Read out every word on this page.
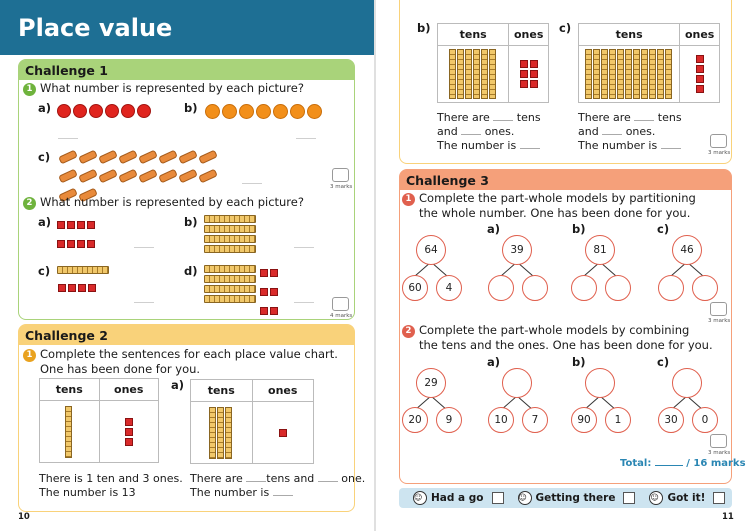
Place value
Challenge 1
1 What number is represented by each picture?
a)	b)
c)
3 marks
2 What number is represented by each picture?
a)	b)
c)	d)
4 marks
Challenge 2
1 Complete the sentences for each place value chart.
One has been done for you.
tens	ones
There is 1 ten and 3 ones.
The number is 13
a)	tens	ones
There are tens and one.
The number is
10
b)	tens	ones
There are tens
and ones.
The number is
c)	tens	ones
There are tens
and ones.
The number is
3 marks
Challenge 3
1 Complete the part-whole models by partitioning
the whole number. One has been done for you.
64
60	4
a)
39
b)
81
c)
46
3 marks
2 Complete the part-whole models by combining
the tens and the ones. One has been done for you.
29
20	9
a)
10	7
b)
90	1
c)
30	0
3 marks
Total:	/ 16 marks
☺ Had a go	☺ Getting there	☺ Got it!
11
